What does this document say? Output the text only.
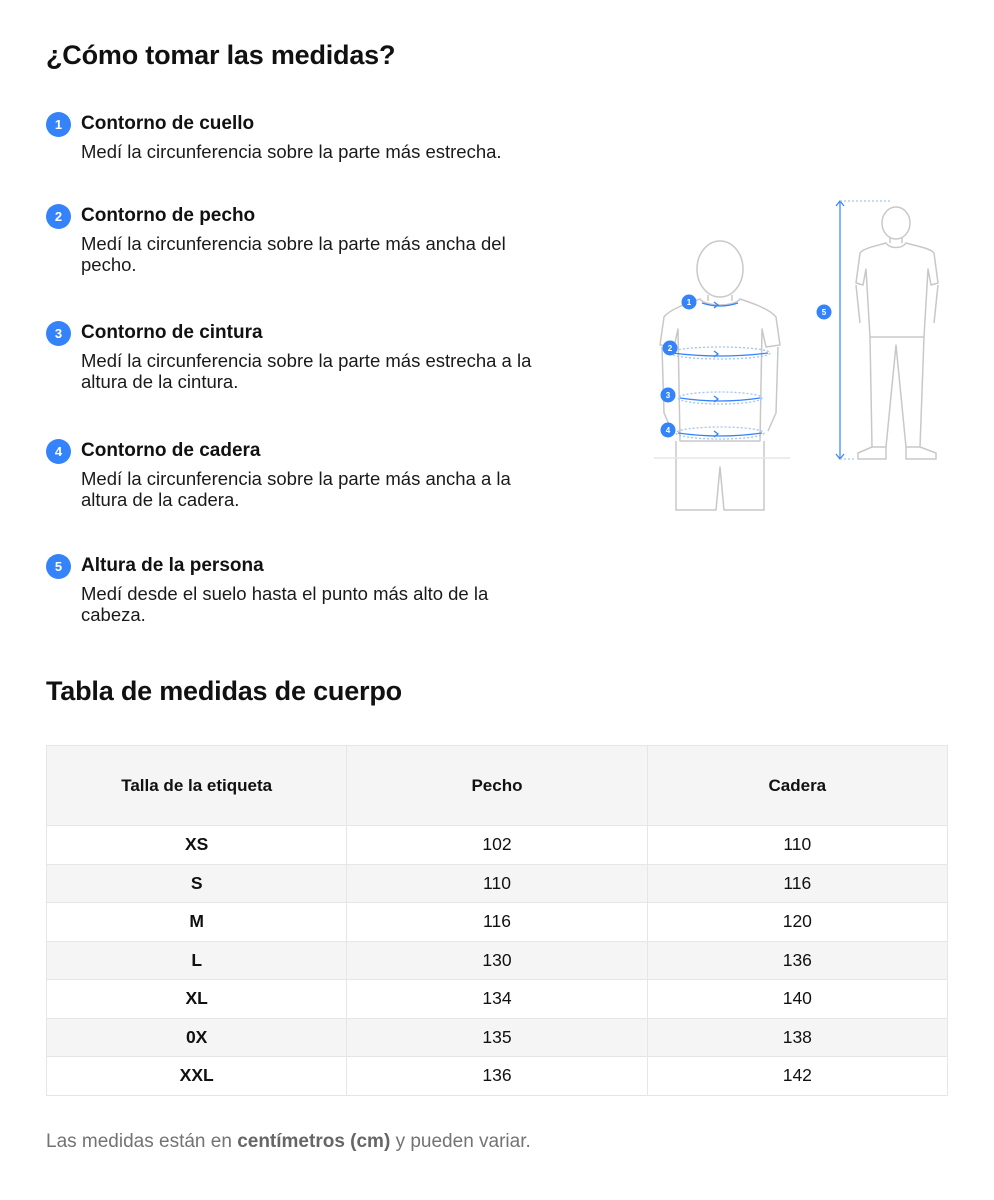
¿Cómo tomar las medidas?
1 Contorno de cuello

Medí la circunferencia sobre la parte más estrecha.

2 Contorno de pecho

Medí la circunferencia sobre la parte más ancha del pecho.

3 Contorno de cintura

Medí la circunferencia sobre la parte más estrecha a la altura de la cintura.

4 Contorno de cadera

Medí la circunferencia sobre la parte más ancha a la altura de la cadera.

5 Altura de la persona

Medí desde el suelo hasta el punto más alto de la cabeza.

1
2
3
4
5
Tabla de medidas de cuerpo
Talla de la etiqueta	Pecho	Cadera
XS	102	110
S	110	116
M	116	120
L	130	136
XL	134	140
0X	135	138
XXL	136	142

Las medidas están en centímetros (cm) y pueden variar.
